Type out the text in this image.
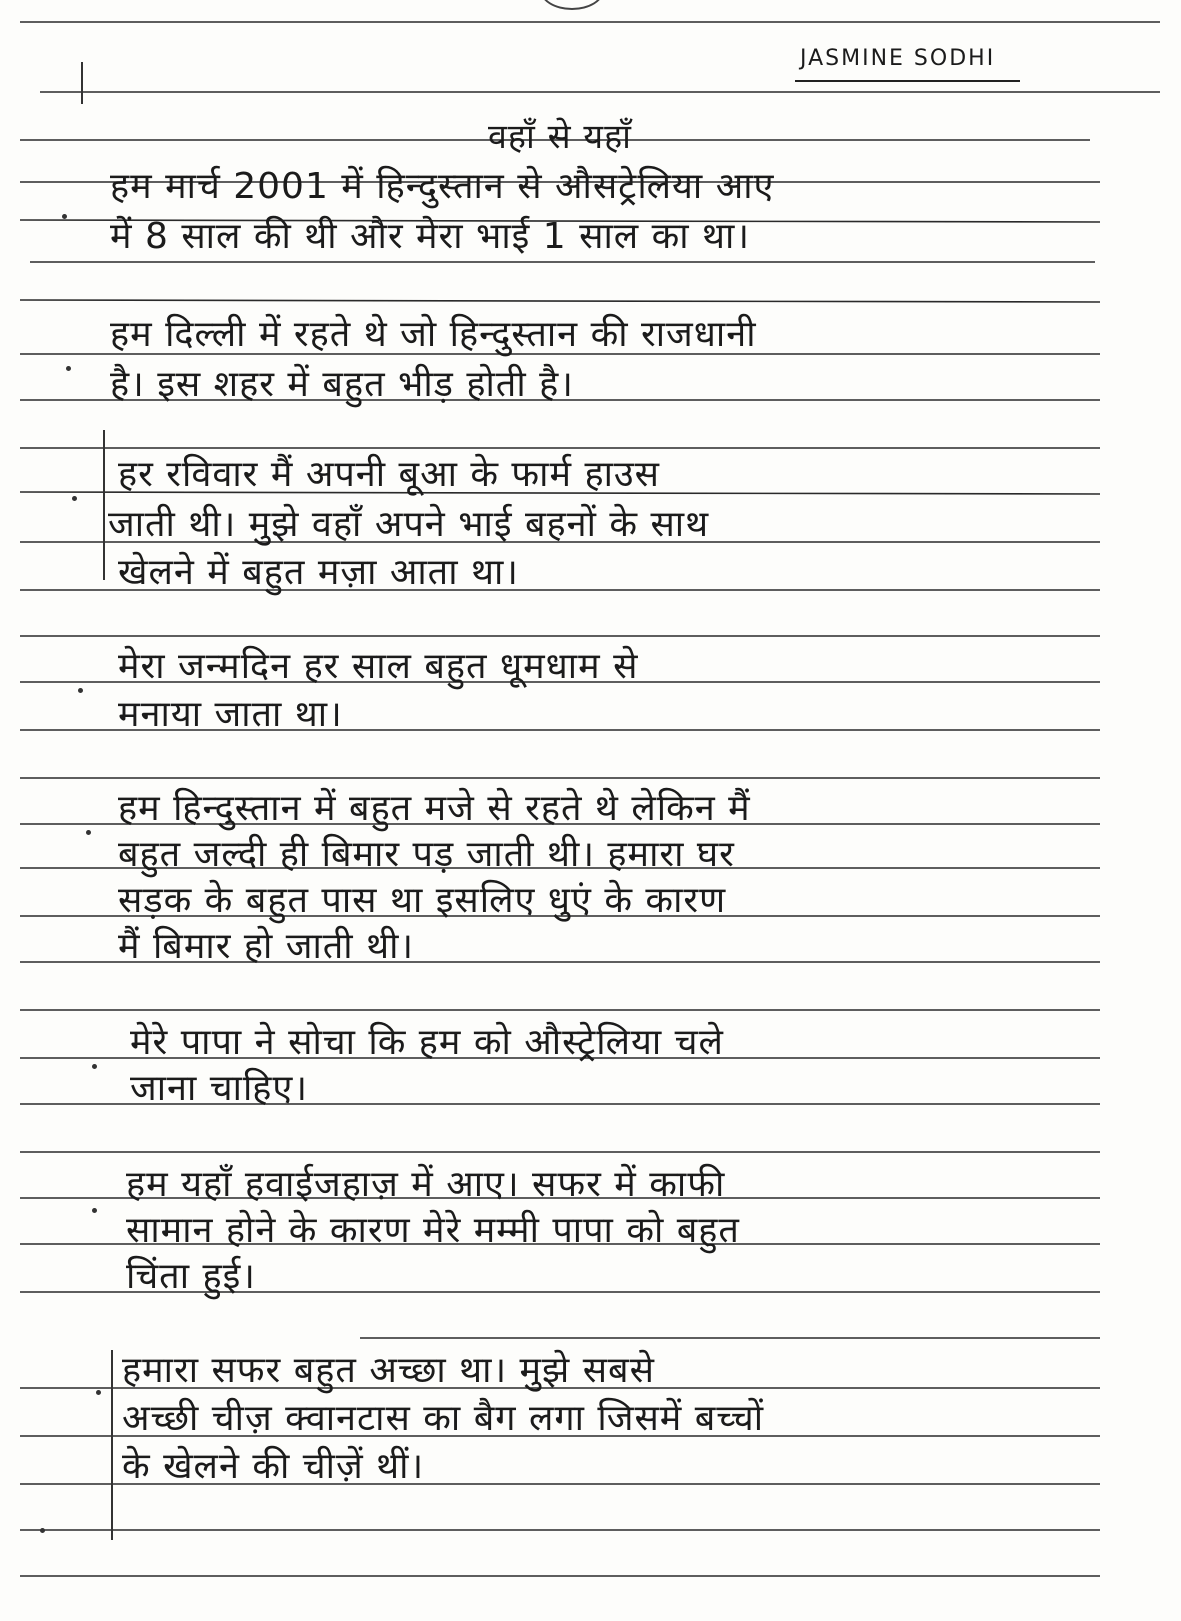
JASMINE SODHI
वहाँ से यहाँ
हम मार्च 2001 में हिन्दुस्तान से औसट्रेलिया आए
में 8 साल की थी और मेरा भाई 1 साल का था।
हम दिल्ली में रहते थे जो हिन्दुस्तान की राजधानी
है। इस शहर में बहुत भीड़ होती है।
हर रविवार मैं अपनी बूआ के फार्म हाउस
जाती थी। मुझे वहाँ अपने भाई बहनों के साथ
खेलने में बहुत मज़ा आता था।
मेरा जन्मदिन हर साल बहुत धूमधाम से
मनाया जाता था।
हम हिन्दुस्तान में बहुत मजे से रहते थे लेकिन मैं
बहुत जल्दी ही बिमार पड़ जाती थी। हमारा घर
सड़क के बहुत पास था इसलिए धुएं के कारण
मैं बिमार हो जाती थी।
मेरे पापा ने सोचा कि हम को औस्ट्रेलिया चले
जाना चाहिए।
हम यहाँ हवाईजहाज़ में आए। सफर में काफी
सामान होने के कारण मेरे मम्मी पापा को बहुत
चिंता हुई।
हमारा सफर बहुत अच्छा था। मुझे सबसे
अच्छी चीज़ क्वानटास का बैग लगा जिसमें बच्चों
के खेलने की चीज़ें थीं।
